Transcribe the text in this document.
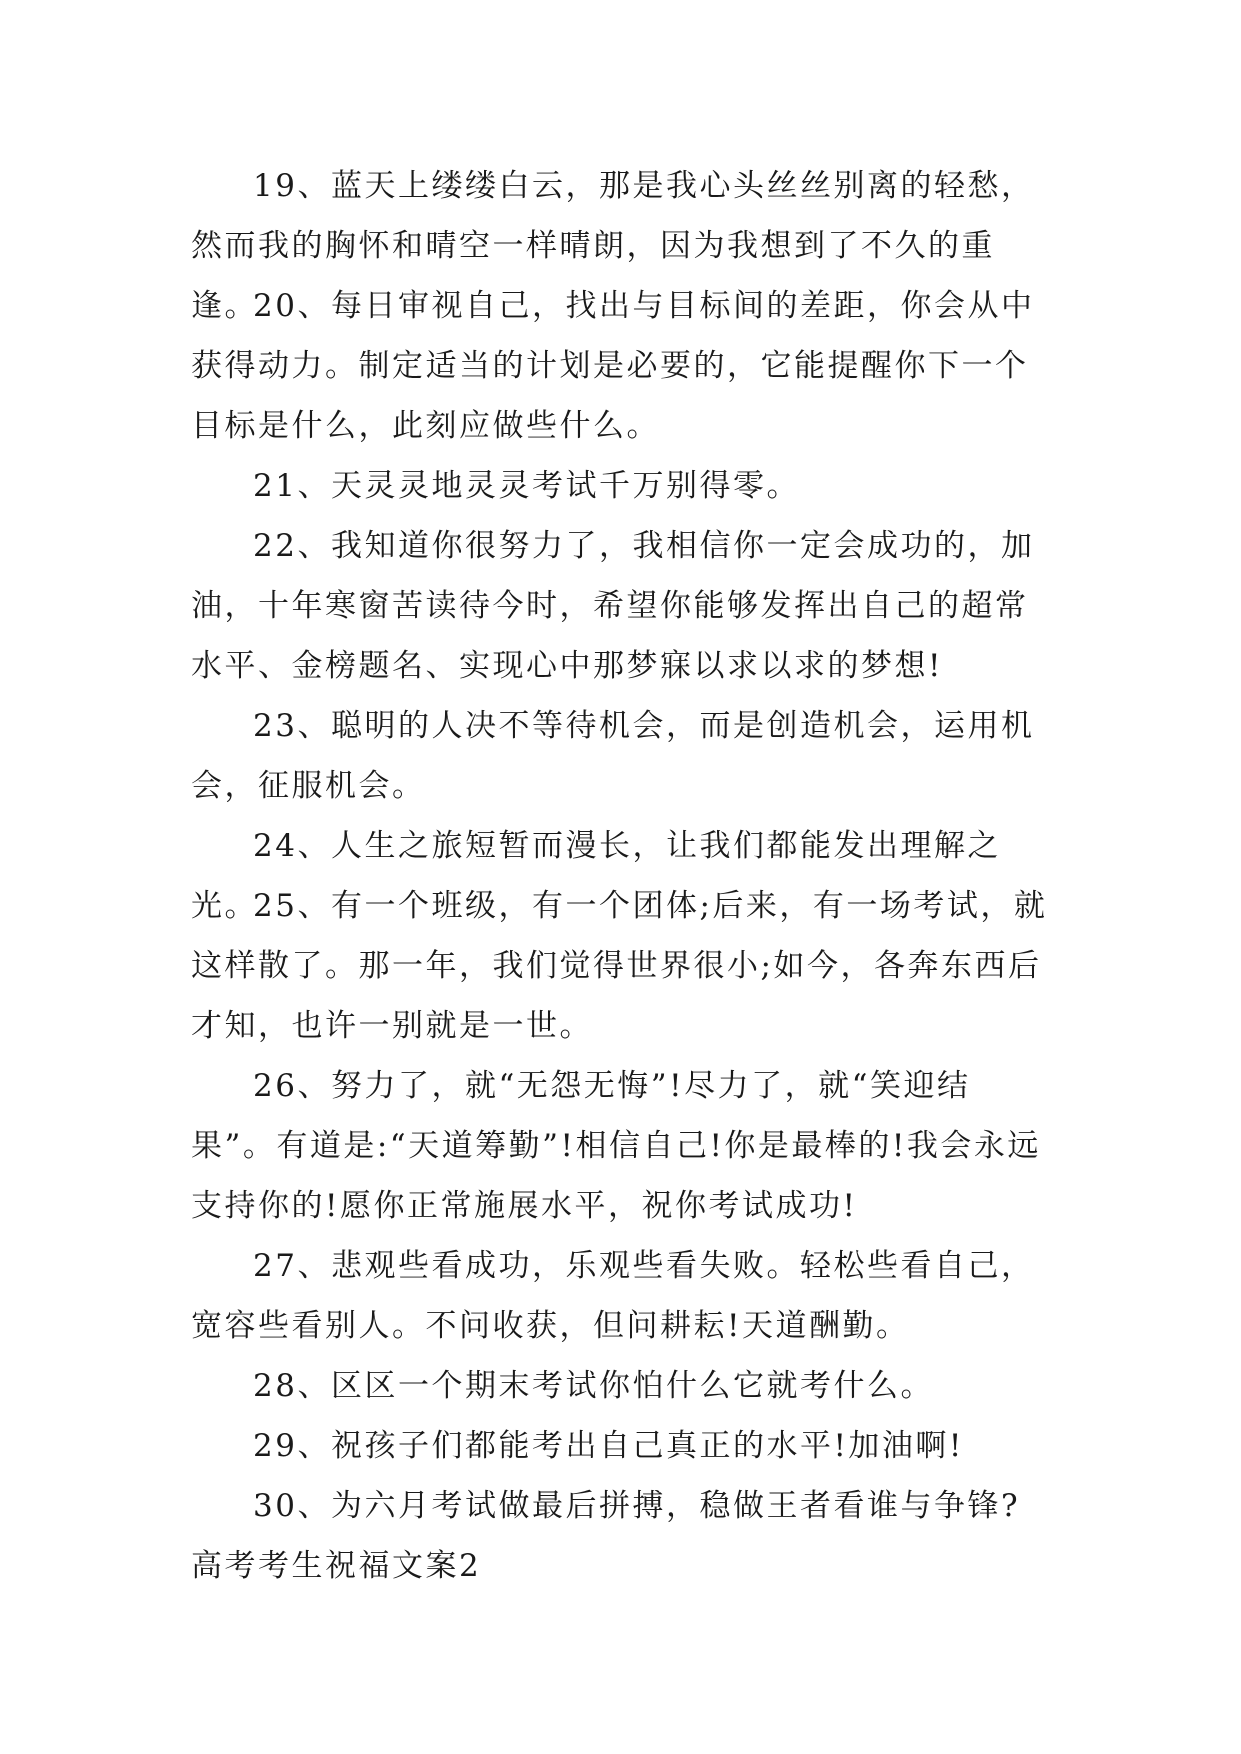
19、蓝天上缕缕白云，那是我心头丝丝别离的轻愁，然而我的胸怀和晴空一样晴朗，因为我想到了不久的重逢。

20、每日审视自己，找出与目标间的差距，你会从中获得动力。制定适当的计划是必要的，它能提醒你下一个目标是什么，此刻应做些什么。

21、天灵灵地灵灵考试千万别得零。

22、我知道你很努力了，我相信你一定会成功的，加油，十年寒窗苦读待今时，希望你能够发挥出自己的超常水平、金榜题名、实现心中那梦寐以求以求的梦想!

23、聪明的人决不等待机会，而是创造机会，运用机会，征服机会。

24、人生之旅短暂而漫长，让我们都能发出理解之光。

25、有一个班级，有一个团体;后来，有一场考试，就这样散了。那一年，我们觉得世界很小;如今，各奔东西后才知，也许一别就是一世。

26、努力了，就“无怨无悔”!尽力了，就“笑迎结果”。有道是:“天道筹勤”!相信自己!你是最棒的!我会永远支持你的!愿你正常施展水平，祝你考试成功!

27、悲观些看成功，乐观些看失败。轻松些看自己，宽容些看别人。不问收获，但问耕耘!天道酬勤。

28、区区一个期末考试你怕什么它就考什么。

29、祝孩子们都能考出自己真正的水平!加油啊!

30、为六月考试做最后拼搏，稳做王者看谁与争锋?

高考考生祝福文案2
